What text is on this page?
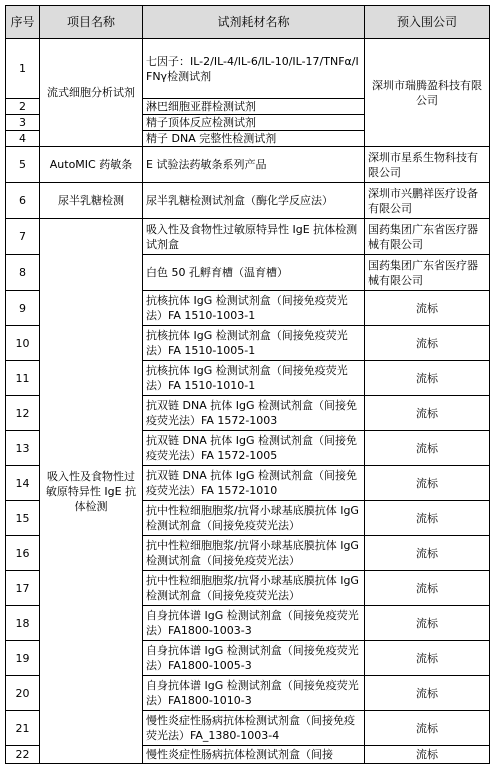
序号	项目名称	试剂耗材名称	预入围公司
1	流式细胞分析试剂	七因子：IL-2/IL-4/IL-6/IL-10/IL-17/TNFα/IFNγ检测试剂	深圳市瑞腾盈科技有限公司
2		淋巴细胞亚群检测试剂	
3		精子顶体反应检测试剂	
4		精子 DNA 完整性检测试剂	
5	AutoMIC 药敏条	E 试验法药敏条系列产品	深圳市星系生物科技有限公司
6	尿半乳糖检测	尿半乳糖检测试剂盒（酶化学反应法）	深圳市兴鹏祥医疗设备有限公司
7	吸入性及食物性过敏原特异性 IgE 抗体检测	吸入性及食物性过敏原特异性 IgE 抗体检测试剂盒	国药集团广东省医疗器械有限公司
8		白色 50 孔孵育槽（温育槽）	国药集团广东省医疗器械有限公司
9		抗核抗体 IgG 检测试剂盒（间接免疫荧光法）FA 1510-1003-1	流标
10		抗核抗体 IgG 检测试剂盒（间接免疫荧光法）FA 1510-1005-1	流标
11		抗核抗体 IgG 检测试剂盒（间接免疫荧光法）FA 1510-1010-1	流标
12		抗双链 DNA 抗体 IgG 检测试剂盒（间接免疫荧光法）FA 1572-1003	流标
13		抗双链 DNA 抗体 IgG 检测试剂盒（间接免疫荧光法）FA 1572-1005	流标
14		抗双链 DNA 抗体 IgG 检测试剂盒（间接免疫荧光法）FA 1572-1010	流标
15		抗中性粒细胞胞浆/抗肾小球基底膜抗体 IgG 检测试剂盒（间接免疫荧光法）	流标
16		抗中性粒细胞胞浆/抗肾小球基底膜抗体 IgG 检测试剂盒（间接免疫荧光法）	流标
17		抗中性粒细胞胞浆/抗肾小球基底膜抗体 IgG 检测试剂盒（间接免疫荧光法）	流标
18		自身抗体谱 IgG 检测试剂盒（间接免疫荧光法）FA1800-1003-3	流标
19		自身抗体谱 IgG 检测试剂盒（间接免疫荧光法）FA1800-1005-3	流标
20		自身抗体谱 IgG 检测试剂盒（间接免疫荧光法）FA1800-1010-3	流标
21		慢性炎症性肠病抗体检测试剂盒（间接免疫荧光法）FA_1380-1003-4	流标
22		慢性炎症性肠病抗体检测试剂盒（间接	流标
